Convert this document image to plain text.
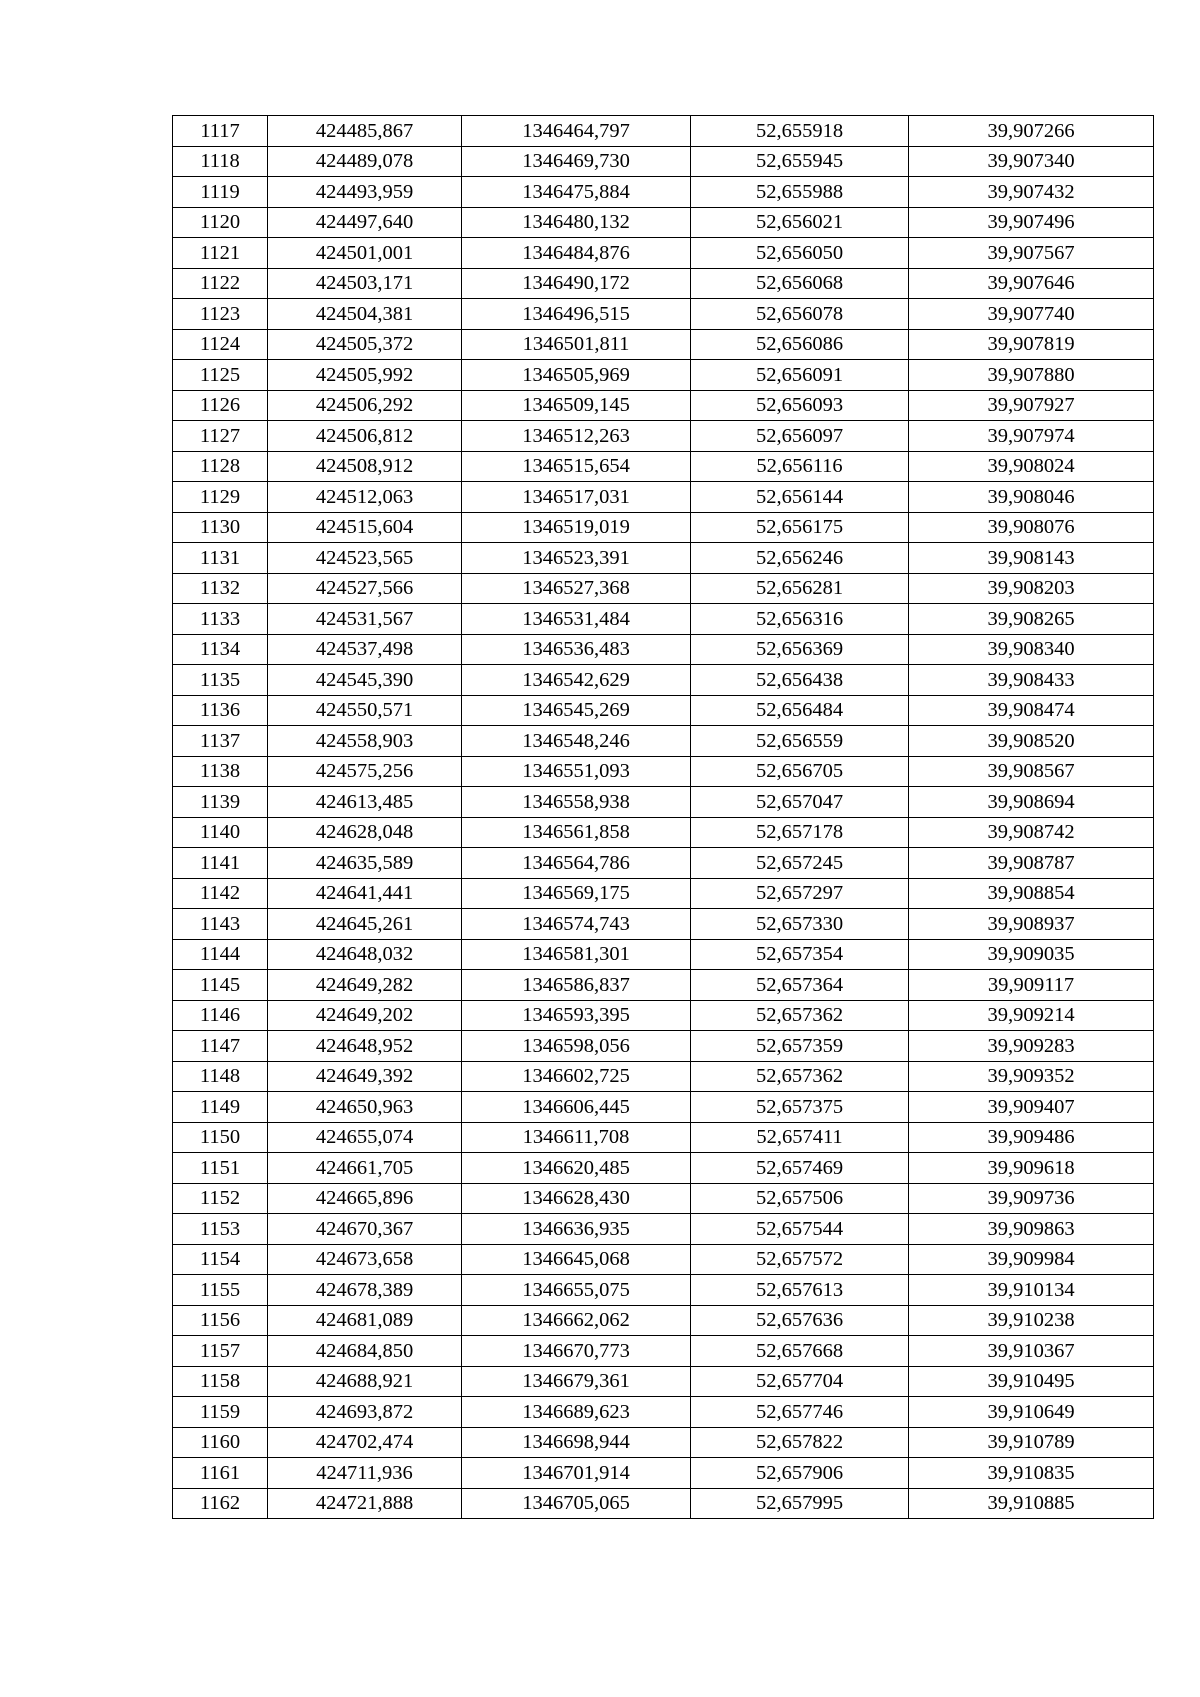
1117	424485,867	1346464,797	52,655918	39,907266
1118	424489,078	1346469,730	52,655945	39,907340
1119	424493,959	1346475,884	52,655988	39,907432
1120	424497,640	1346480,132	52,656021	39,907496
1121	424501,001	1346484,876	52,656050	39,907567
1122	424503,171	1346490,172	52,656068	39,907646
1123	424504,381	1346496,515	52,656078	39,907740
1124	424505,372	1346501,811	52,656086	39,907819
1125	424505,992	1346505,969	52,656091	39,907880
1126	424506,292	1346509,145	52,656093	39,907927
1127	424506,812	1346512,263	52,656097	39,907974
1128	424508,912	1346515,654	52,656116	39,908024
1129	424512,063	1346517,031	52,656144	39,908046
1130	424515,604	1346519,019	52,656175	39,908076
1131	424523,565	1346523,391	52,656246	39,908143
1132	424527,566	1346527,368	52,656281	39,908203
1133	424531,567	1346531,484	52,656316	39,908265
1134	424537,498	1346536,483	52,656369	39,908340
1135	424545,390	1346542,629	52,656438	39,908433
1136	424550,571	1346545,269	52,656484	39,908474
1137	424558,903	1346548,246	52,656559	39,908520
1138	424575,256	1346551,093	52,656705	39,908567
1139	424613,485	1346558,938	52,657047	39,908694
1140	424628,048	1346561,858	52,657178	39,908742
1141	424635,589	1346564,786	52,657245	39,908787
1142	424641,441	1346569,175	52,657297	39,908854
1143	424645,261	1346574,743	52,657330	39,908937
1144	424648,032	1346581,301	52,657354	39,909035
1145	424649,282	1346586,837	52,657364	39,909117
1146	424649,202	1346593,395	52,657362	39,909214
1147	424648,952	1346598,056	52,657359	39,909283
1148	424649,392	1346602,725	52,657362	39,909352
1149	424650,963	1346606,445	52,657375	39,909407
1150	424655,074	1346611,708	52,657411	39,909486
1151	424661,705	1346620,485	52,657469	39,909618
1152	424665,896	1346628,430	52,657506	39,909736
1153	424670,367	1346636,935	52,657544	39,909863
1154	424673,658	1346645,068	52,657572	39,909984
1155	424678,389	1346655,075	52,657613	39,910134
1156	424681,089	1346662,062	52,657636	39,910238
1157	424684,850	1346670,773	52,657668	39,910367
1158	424688,921	1346679,361	52,657704	39,910495
1159	424693,872	1346689,623	52,657746	39,910649
1160	424702,474	1346698,944	52,657822	39,910789
1161	424711,936	1346701,914	52,657906	39,910835
1162	424721,888	1346705,065	52,657995	39,910885
